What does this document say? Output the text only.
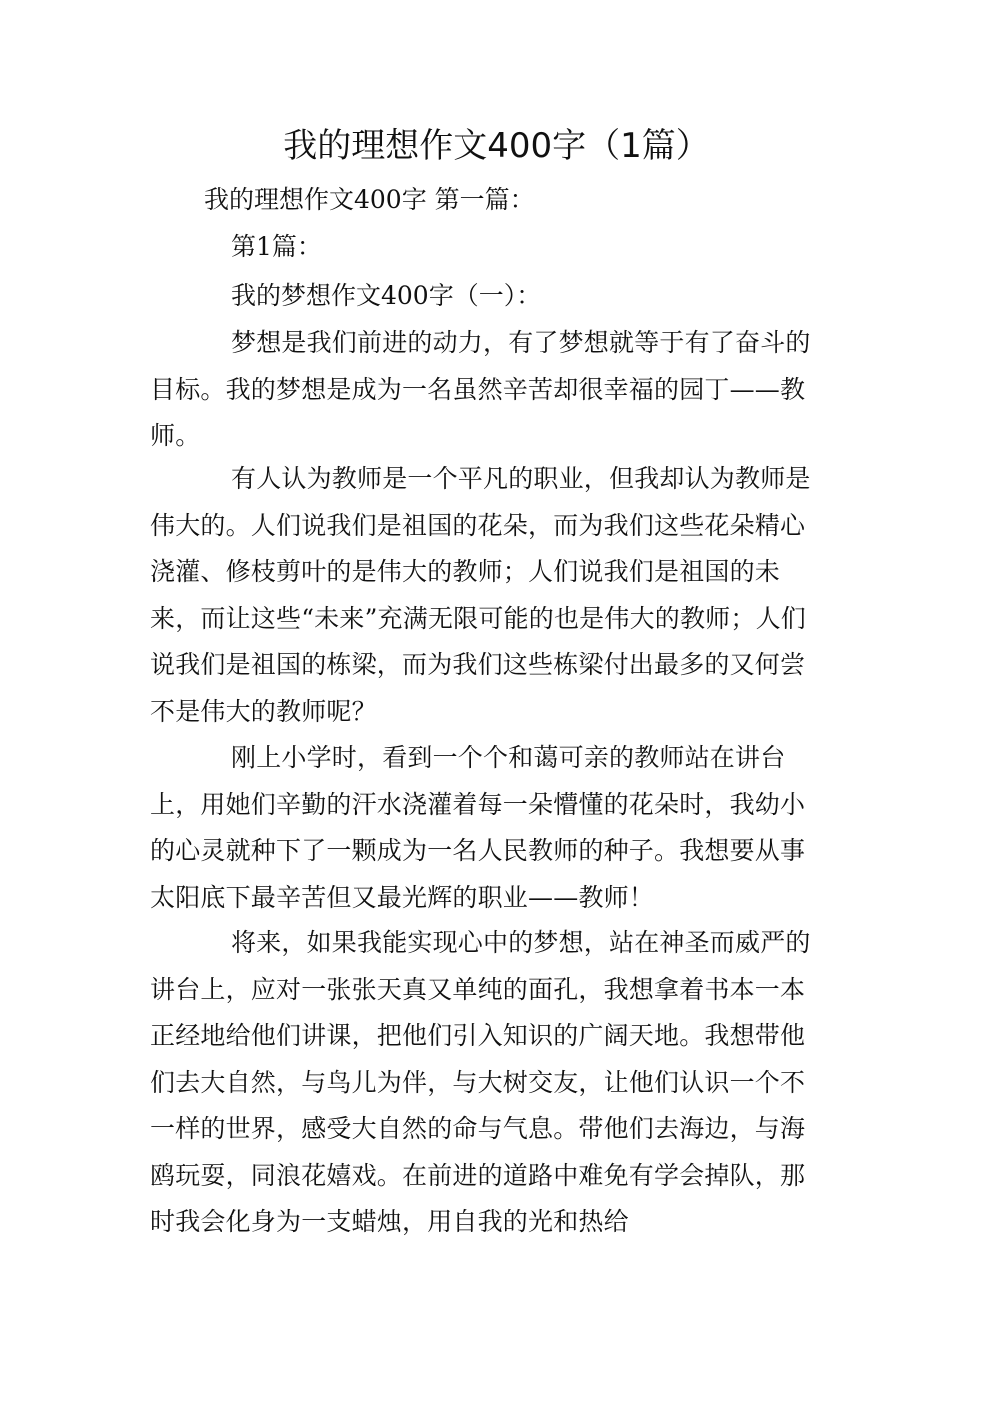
我的理想作文400字（1篇）

我的理想作文400字 第一篇：

第1篇：

我的梦想作文400字（一）：

梦想是我们前进的动力，有了梦想就等于有了奋斗的目标。我的梦想是成为一名虽然辛苦却很幸福的园丁——教师。

有人认为教师是一个平凡的职业，但我却认为教师是伟大的。人们说我们是祖国的花朵，而为我们这些花朵精心浇灌、修枝剪叶的是伟大的教师；人们说我们是祖国的未来，而让这些“未来”充满无限可能的也是伟大的教师；人们说我们是祖国的栋梁，而为我们这些栋梁付出最多的又何尝不是伟大的教师呢？

刚上小学时，看到一个个和蔼可亲的教师站在讲台上，用她们辛勤的汗水浇灌着每一朵懵懂的花朵时，我幼小的心灵就种下了一颗成为一名人民教师的种子。我想要从事太阳底下最辛苦但又最光辉的职业——教师！

将来，如果我能实现心中的梦想，站在神圣而威严的讲台上，应对一张张天真又单纯的面孔，我想拿着书本一本正经地给他们讲课，把他们引入知识的广阔天地。我想带他们去大自然，与鸟儿为伴，与大树交友，让他们认识一个不一样的世界，感受大自然的命与气息。带他们去海边，与海鸥玩耍，同浪花嬉戏。在前进的道路中难免有学会掉队，那时我会化身为一支蜡烛，用自我的光和热给
